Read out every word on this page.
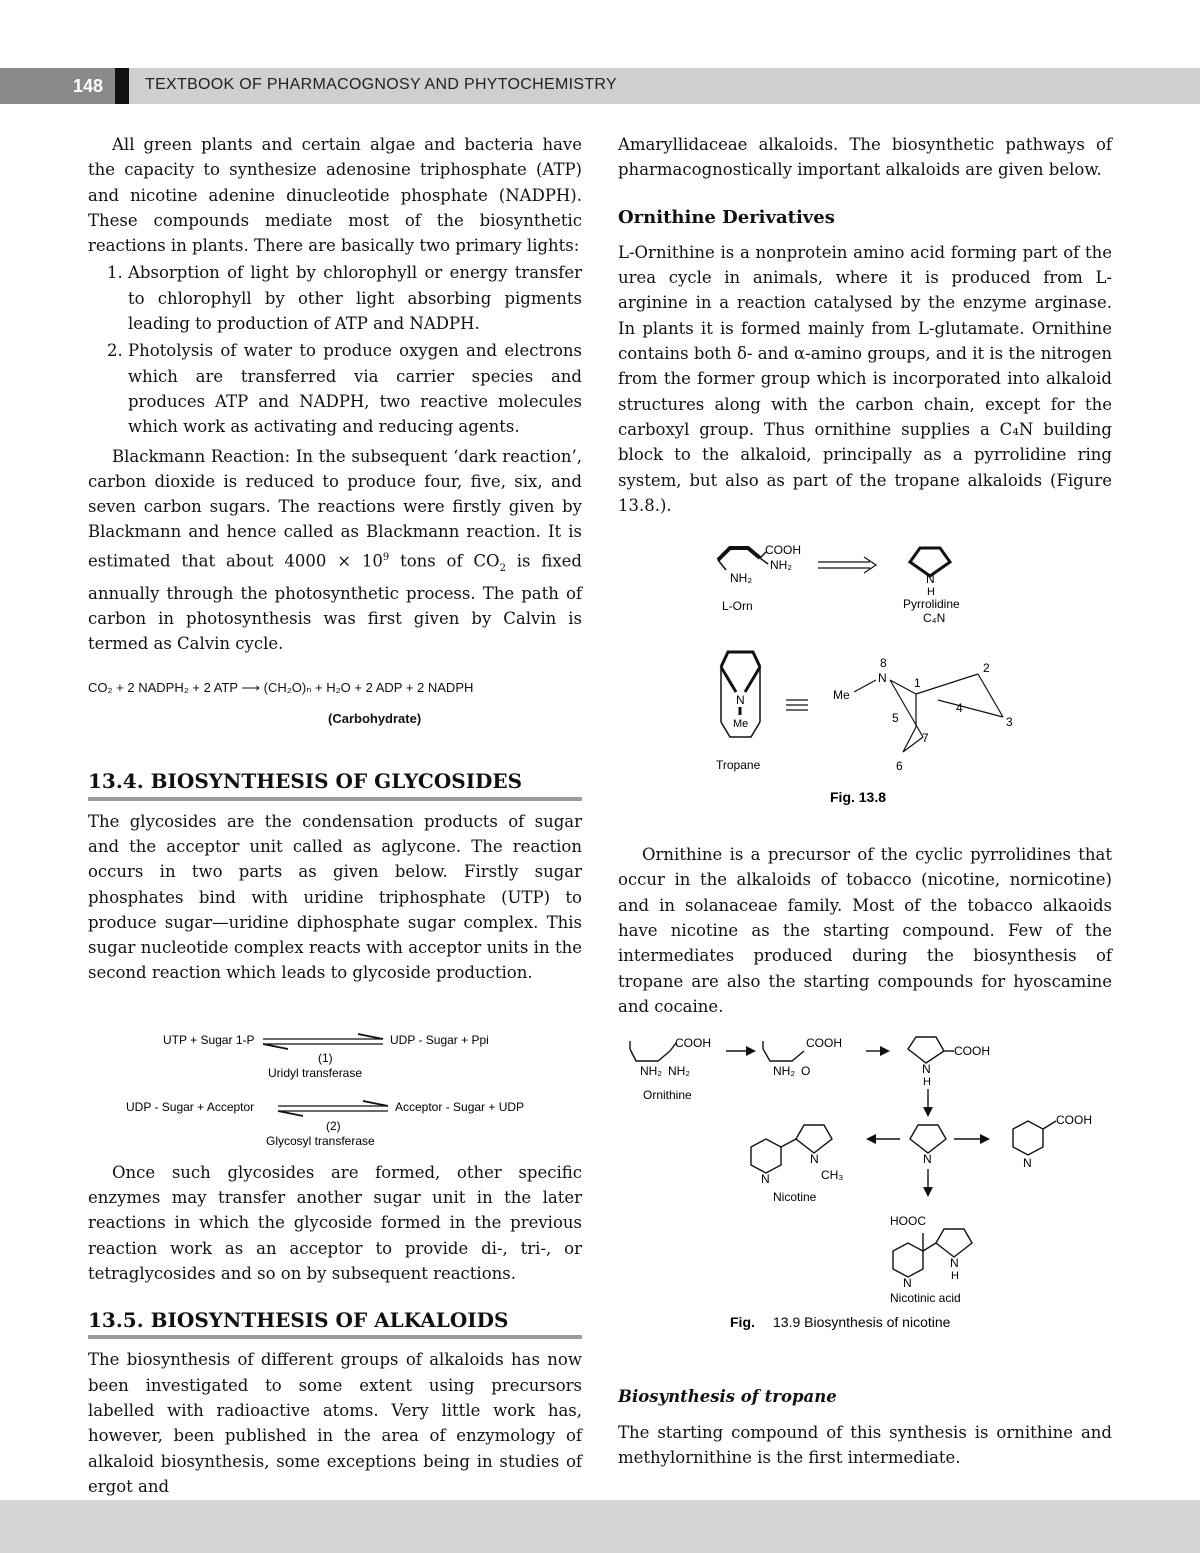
148	TEXTBOOK OF PHARMACOGNOSY AND PHYTOCHEMISTRY

All green plants and certain algae and bacteria have the capacity to synthesize adenosine triphosphate (ATP) and nicotine adenine dinucleotide phosphate (NADPH). These compounds mediate most of the biosynthetic reactions in plants. There are basically two primary lights:

1. Absorption of light by chlorophyll or energy transfer to chlorophyll by other light absorbing pigments leading to production of ATP and NADPH.
2. Photolysis of water to produce oxygen and electrons which are transferred via carrier species and produces ATP and NADPH, two reactive molecules which work as activating and reducing agents.

Blackmann Reaction: In the subsequent ‘dark reaction’, carbon dioxide is reduced to produce four, five, six, and seven carbon sugars. The reactions were firstly given by Blackmann and hence called as Blackmann reaction. It is estimated that about $4000 \times 10^9$ tons of $CO_2$ is fixed annually through the photosynthetic process. The path of carbon in photosynthesis was first given by Calvin is termed as Calvin cycle.

CO₂ + 2 NADPH₂ + 2 ATP ⟶ (CH₂O)ₙ + H₂O + 2 ADP + 2 NADPH
(Carbohydrate)
13.4. BIOSYNTHESIS OF GLYCOSIDES

The glycosides are the condensation products of sugar and the acceptor unit called as aglycone. The reaction occurs in two parts as given below. Firstly sugar phosphates bind with uridine triphosphate (UTP) to produce sugar—uridine diphosphate sugar complex. This sugar nucleotide complex reacts with acceptor units in the second reaction which leads to glycoside production.

UTP + Sugar 1-P	UDP - Sugar + Ppi
(1)
Uridyl transferase
UDP - Sugar + Acceptor	Acceptor - Sugar + UDP
(2)
Glycosyl transferase

Once such glycosides are formed, other specific enzymes may transfer another sugar unit in the later reactions in which the glycoside formed in the previous reaction work as an acceptor to provide di-, tri-, or tetraglycosides and so on by subsequent reactions.

13.5. BIOSYNTHESIS OF ALKALOIDS

The biosynthesis of different groups of alkaloids has now been investigated to some extent using precursors labelled with radioactive atoms. Very little work has, however, been published in the area of enzymology of alkaloid biosynthesis, some exceptions being in studies of ergot and

Amaryllidaceae alkaloids. The biosynthetic pathways of pharmacognostically important alkaloids are given below.

Ornithine Derivatives

L-Ornithine is a nonprotein amino acid forming part of the urea cycle in animals, where it is produced from L-arginine in a reaction catalysed by the enzyme arginase. In plants it is formed mainly from L-glutamate. Ornithine contains both δ- and α-amino groups, and it is the nitrogen from the former group which is incorporated into alkaloid structures along with the carbon chain, except for the carboxyl group. Thus ornithine supplies a C₄N building block to the alkaloid, principally as a pyrrolidine ring system, but also as part of the tropane alkaloids (Figure 13.8.).

COOH
NH₂
NH₂
L-Orn
N
H
Pyrrolidine
C₄N
N
Me
Tropane
Me
N
8
1
2
3
4
5
6
7
Fig. 13.8

Ornithine is a precursor of the cyclic pyrrolidines that occur in the alkaloids of tobacco (nicotine, nornicotine) and in solanaceae family. Most of the tobacco alkaoids have nicotine as the starting compound. Few of the intermediates produced during the biosynthesis of tropane are also the starting compounds for hyoscamine and cocaine.

COOH
NH₂ NH₂
Ornithine
COOH
NH₂ O
COOH
N
H
N
COOH
N
N
N
CH₃
Nicotine
HOOC
N
N
H
Nicotinic acid
Fig. 13.9 Biosynthesis of nicotine
Biosynthesis of tropane

The starting compound of this synthesis is ornithine and methylornithine is the first intermediate.
